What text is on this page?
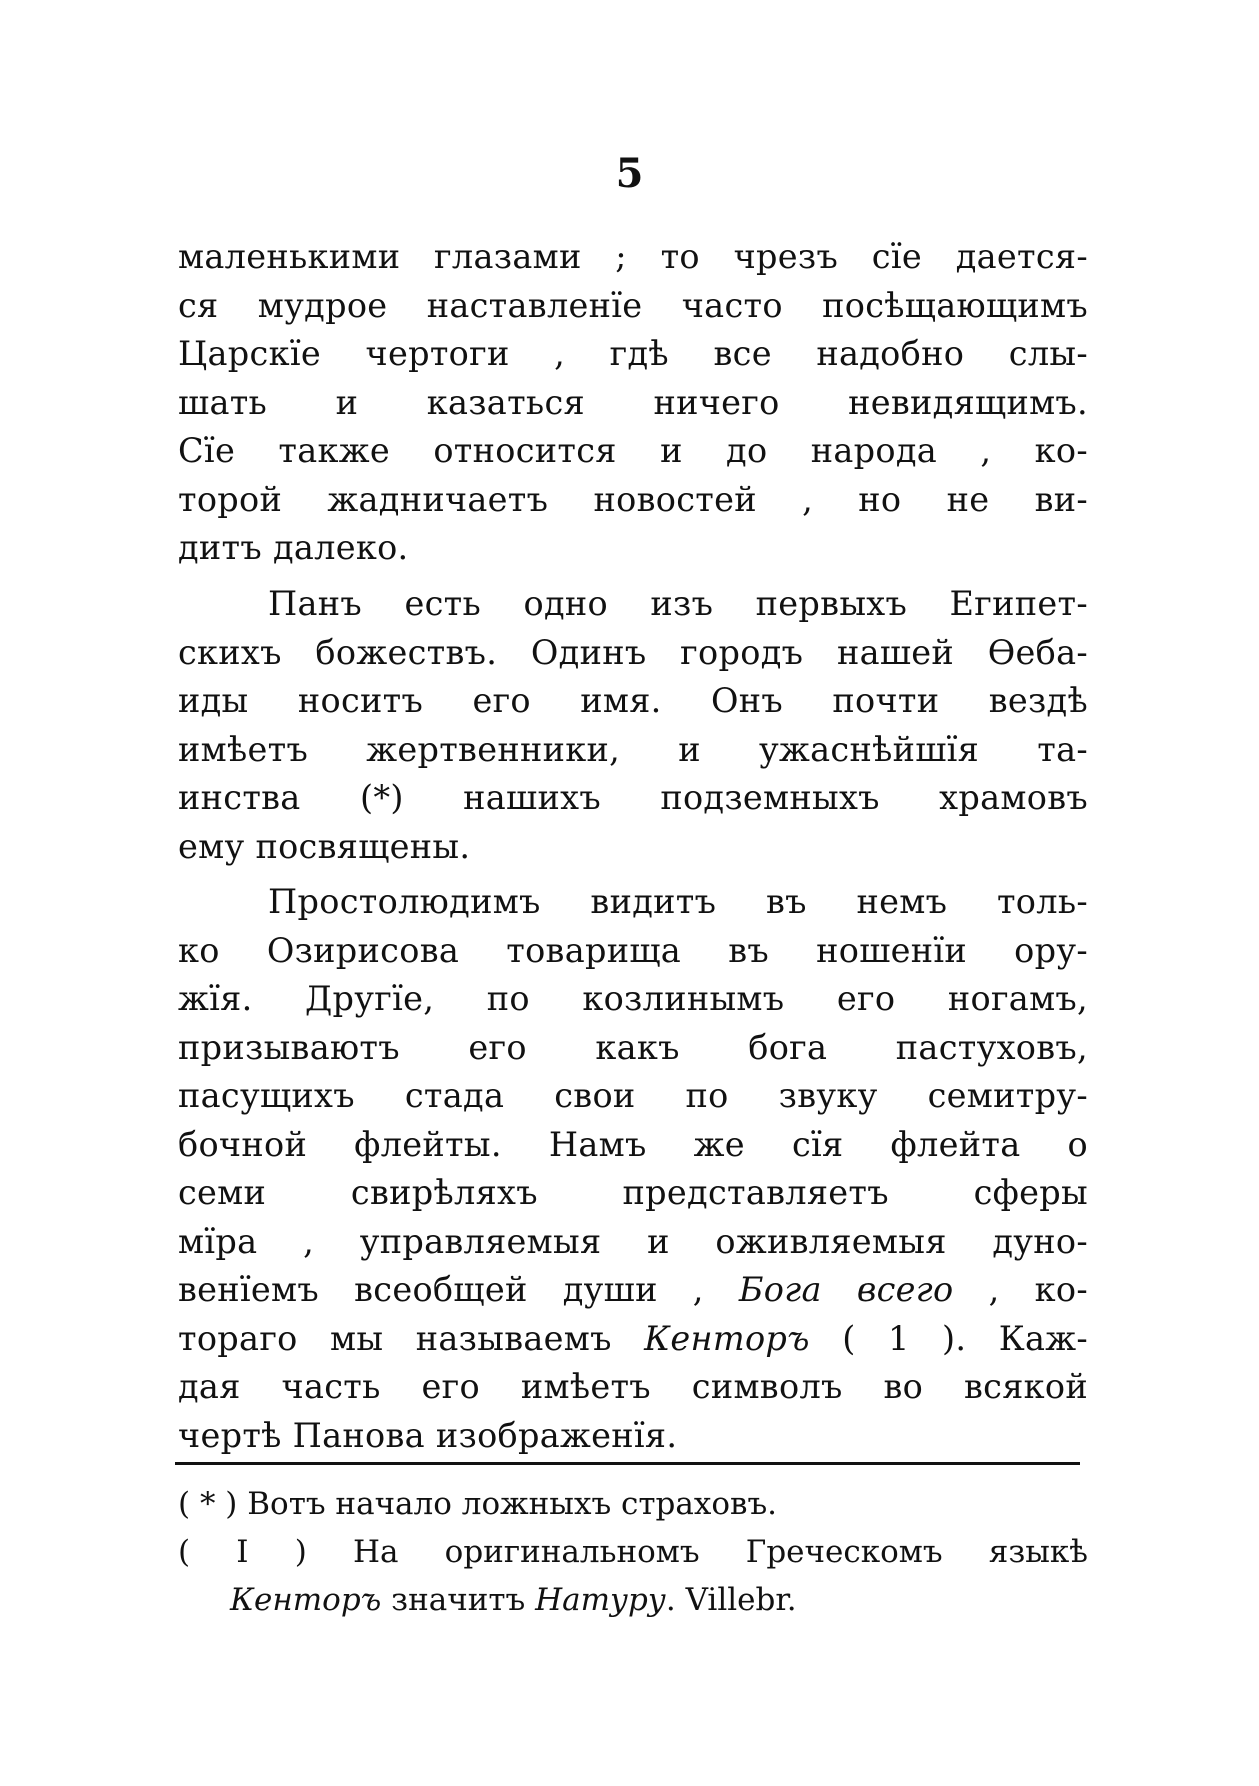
5
маленькими глазами ; то чрезъ сїе дается-
ся мудрое наставленїе часто посѣщающимъ
Царскїе чертоги , гдѣ все надобно слы-
шать и казаться ничего невидящимъ.
Сїе также относится и до народа , ко-
торой жадничаетъ новостей , но не ви-
дитъ далеко.
Панъ есть одно изъ первыхъ Египет-
скихъ божествъ. Одинъ городъ нашей Ѳеба-
иды носитъ его имя. Онъ почти вездѣ
имѣетъ жертвенники, и ужаснѣйшїя та-
инства (*) нашихъ подземныхъ храмовъ
ему посвящены.
Простолюдимъ видитъ въ немъ толь-
ко Озирисова товарища въ ношенїи ору-
жїя. Другїе, по козлинымъ его ногамъ,
призываютъ его какъ бога пастуховъ,
пасущихъ стада свои по звуку семитру-
бочной флейты. Намъ же сїя флейта о
семи свирѣляхъ представляетъ сферы
мїра , управляемыя и оживляемыя дуно-
венїемъ всеобщей души , Бога всего , ко-
торaго мы называемъ Кенторъ ( 1 ). Каж-
дая часть его имѣетъ символъ во всякой
чертѣ Панова изображенїя.
( * ) Вотъ начало ложныхъ страховъ.
( I ) На оригинальномъ Греческомъ языкѣ
Кенторъ значитъ Натуру. Villebr.
